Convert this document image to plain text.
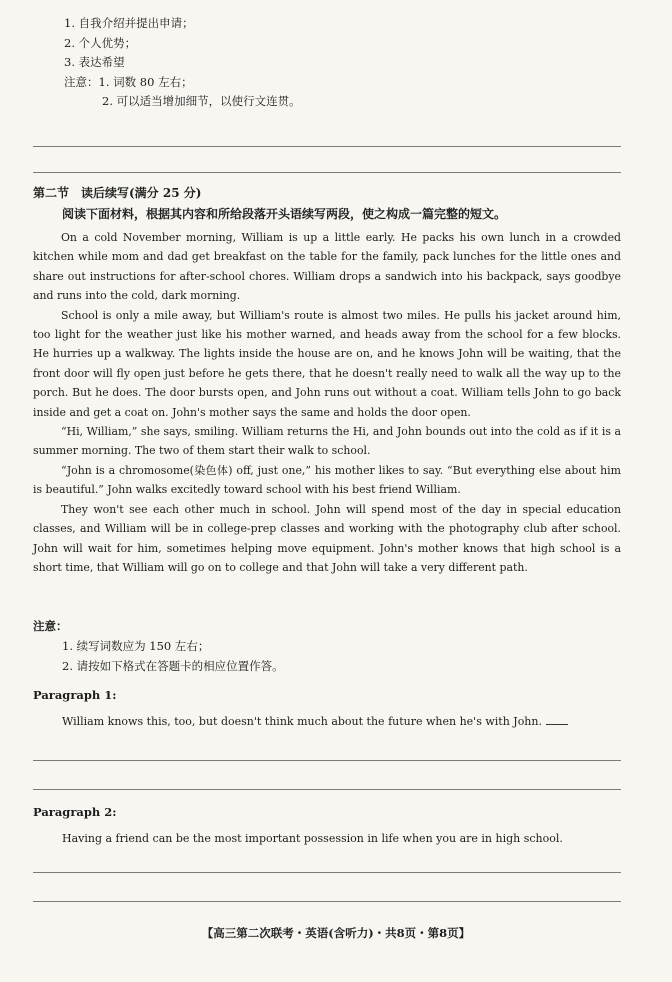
1. 自我介绍并提出申请；
2. 个人优势；
3. 表达希望
注意：1. 词数 80 左右；
2. 可以适当增加细节，以使行文连贯。
第二节　读后续写(满分 25 分)
阅读下面材料，根据其内容和所给段落开头语续写两段，使之构成一篇完整的短文。

On a cold November morning, William is up a little early. He packs his own lunch in a crowded kitchen while mom and dad get breakfast on the table for the family, pack lunches for the little ones and share out instructions for after-school chores. William drops a sandwich into his backpack, says goodbye and runs into the cold, dark morning.

School is only a mile away, but William's route is almost two miles. He pulls his jacket around him, too light for the weather just like his mother warned, and heads away from the school for a few blocks. He hurries up a walkway. The lights inside the house are on, and he knows John will be waiting, that the front door will fly open just before he gets there, that he doesn't really need to walk all the way up to the porch. But he does. The door bursts open, and John runs out without a coat. William tells John to go back inside and get a coat on. John's mother says the same and holds the door open.

“Hi, William,” she says, smiling. William returns the Hi, and John bounds out into the cold as if it is a summer morning. The two of them start their walk to school.

“John is a chromosome(染色体) off, just one,” his mother likes to say. “But everything else about him is beautiful.” John walks excitedly toward school with his best friend William.

They won't see each other much in school. John will spend most of the day in special education classes, and William will be in college-prep classes and working with the photography club after school. John will wait for him, sometimes helping move equipment. John's mother knows that high school is a short time, that William will go on to college and that John will take a very different path.

注意：
1. 续写词数应为 150 左右；
2. 请按如下格式在答题卡的相应位置作答。
Paragraph 1:
William knows this, too, but doesn't think much about the future when he's with John.
Paragraph 2:
Having a friend can be the most important possession in life when you are in high school.
【高三第二次联考・英语(含听力)・共8页・第8页】
